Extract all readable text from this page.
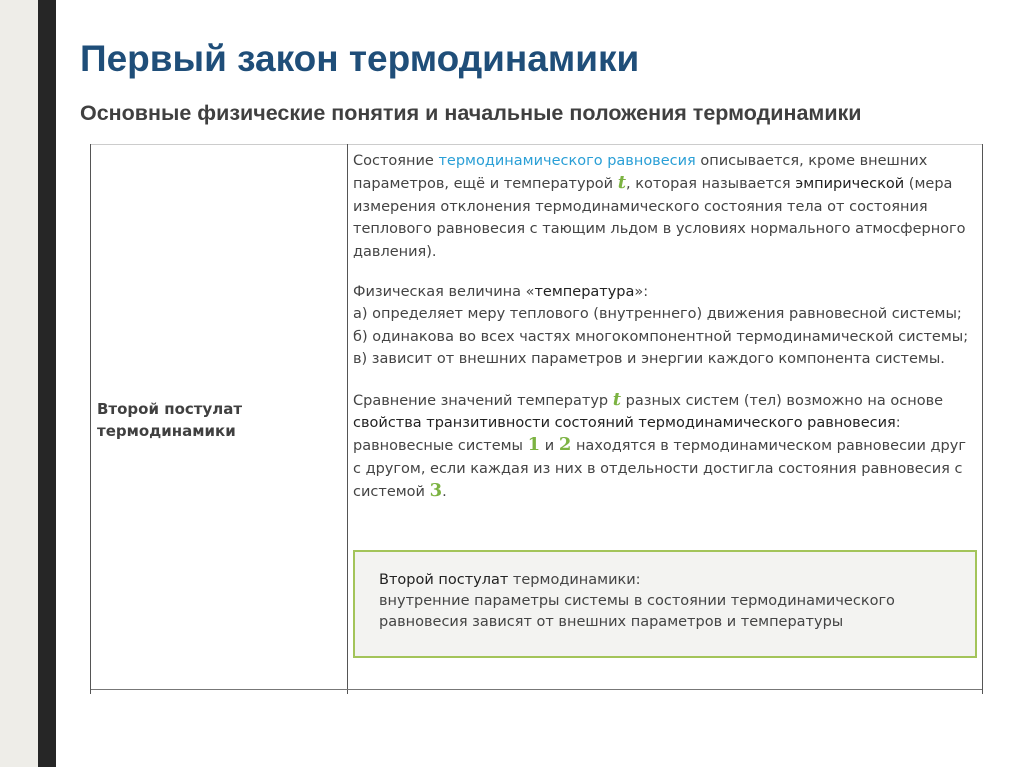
Первый закон термодинамики
Основные физические понятия и начальные положения термодинамики
Второй постулат
термодинамики

Состояние термодинамического равновесия описывается, кроме внешних параметров, ещё и температурой t, которая называется эмпирической (мера измерения отклонения термодинамического состояния тела от состояния теплового равновесия с тающим льдом в условиях нормального атмосферного давления).

Физическая величина «температура»:
а) определяет меру теплового (внутреннего) движения равновесной системы;
б) одинакова во всех частях многокомпонентной термодинамической системы;
в) зависит от внешних параметров и энергии каждого компонента системы.

Сравнение значений температур t разных систем (тел) возможно на основе свойства транзитивности состояний термодинамического равновесия: равновесные системы 1 и 2 находятся в термодинамическом равновесии друг с другом, если каждая из них в отдельности достигла состояния равновесия с системой 3.

Второй постулат термодинамики:
внутренние параметры системы в состоянии термодинамического равновесия зависят от внешних параметров и температуры
